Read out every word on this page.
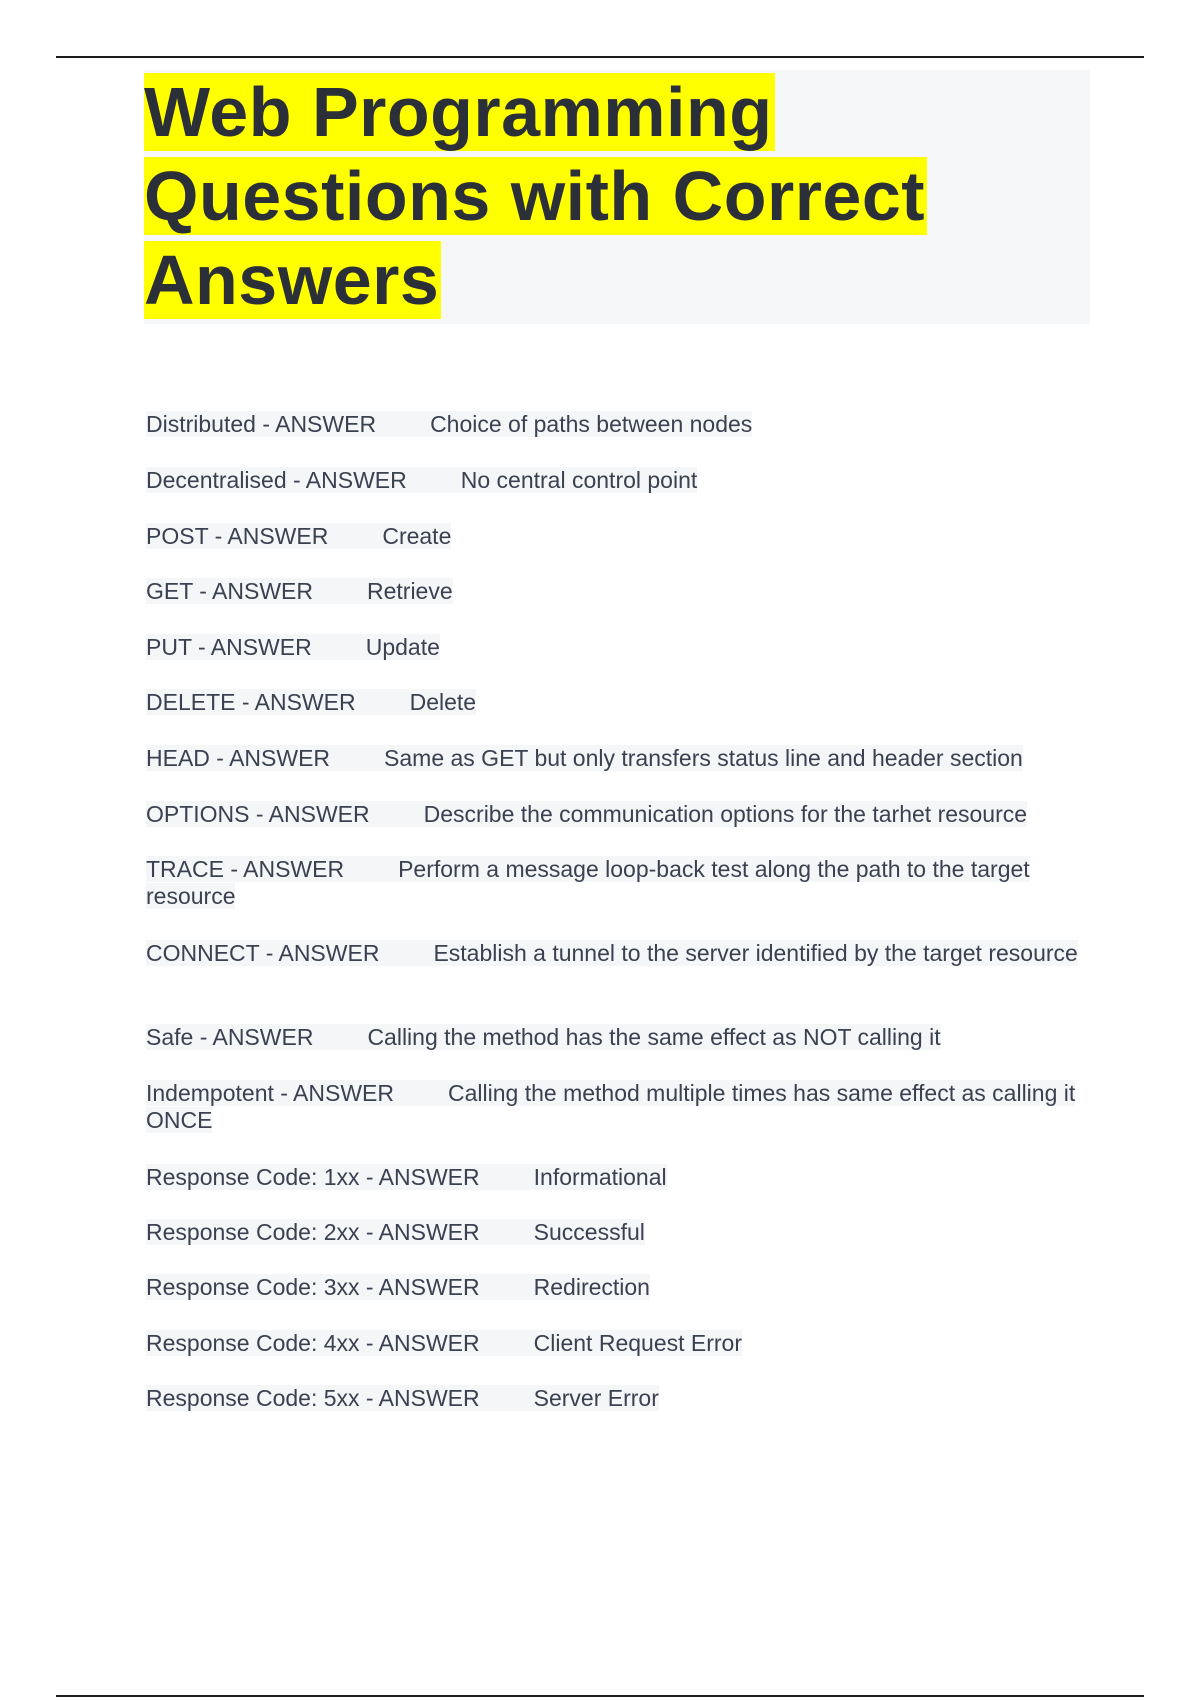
Web Programming
Questions with Correct
Answers
Distributed - ANSWER Choice of paths between nodes
Decentralised - ANSWER No central control point
POST - ANSWER Create
GET - ANSWER Retrieve
PUT - ANSWER Update
DELETE - ANSWER Delete
HEAD - ANSWER Same as GET but only transfers status line and header section
OPTIONS - ANSWER Describe the communication options for the tarhet resource
TRACE - ANSWER Perform a message loop-back test along the path to the target resource
CONNECT - ANSWER Establish a tunnel to the server identified by the target resource
Safe - ANSWER Calling the method has the same effect as NOT calling it
Indempotent - ANSWER Calling the method multiple times has same effect as calling it ONCE
Response Code: 1xx - ANSWER Informational
Response Code: 2xx - ANSWER Successful
Response Code: 3xx - ANSWER Redirection
Response Code: 4xx - ANSWER Client Request Error
Response Code: 5xx - ANSWER Server Error
